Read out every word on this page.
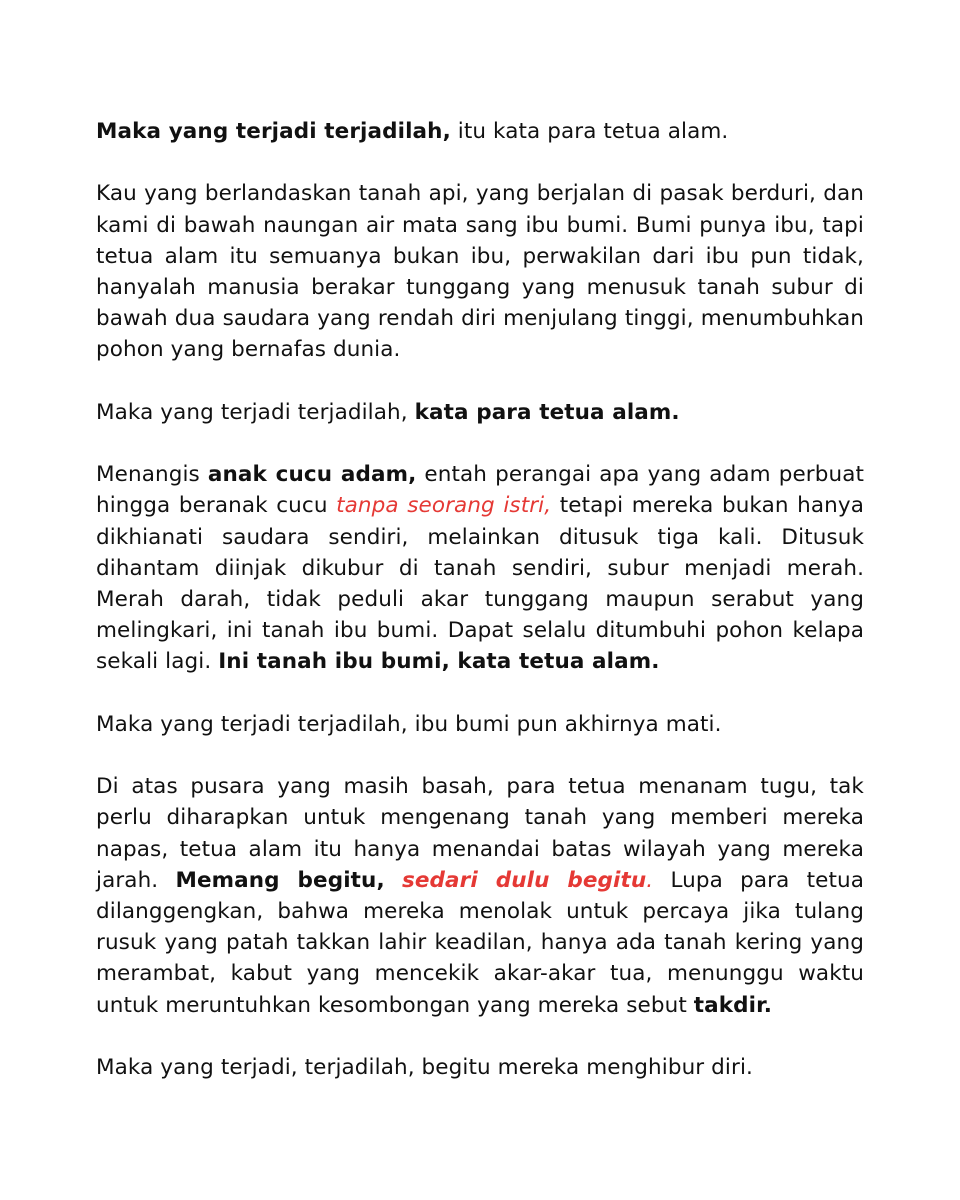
Maka yang terjadi terjadilah, itu kata para tetua alam.

Kau yang berlandaskan tanah api, yang berjalan di pasak berduri, dan kami di bawah naungan air mata sang ibu bumi. Bumi punya ibu, tapi tetua alam itu semuanya bukan ibu, perwakilan dari ibu pun tidak, hanyalah manusia berakar tunggang yang menusuk tanah subur di bawah dua saudara yang rendah diri menjulang tinggi, menumbuhkan pohon yang bernafas dunia.

Maka yang terjadi terjadilah, kata para tetua alam.

Menangis anak cucu adam, entah perangai apa yang adam perbuat hingga beranak cucu tanpa seorang istri, tetapi mereka bukan hanya dikhianati saudara sendiri, melainkan ditusuk tiga kali. Ditusuk dihantam diinjak dikubur di tanah sendiri, subur menjadi merah. Merah darah, tidak peduli akar tunggang maupun serabut yang melingkari, ini tanah ibu bumi. Dapat selalu ditumbuhi pohon kelapa sekali lagi. Ini tanah ibu bumi, kata tetua alam.

Maka yang terjadi terjadilah, ibu bumi pun akhirnya mati.

Di atas pusara yang masih basah, para tetua menanam tugu, tak perlu diharapkan untuk mengenang tanah yang memberi mereka napas, tetua alam itu hanya menandai batas wilayah yang mereka jarah. Memang begitu, sedari dulu begitu. Lupa para tetua dilanggengkan, bahwa mereka menolak untuk percaya jika tulang rusuk yang patah takkan lahir keadilan, hanya ada tanah kering yang merambat, kabut yang mencekik akar-akar tua, menunggu waktu untuk meruntuhkan kesombongan yang mereka sebut takdir.

Maka yang terjadi, terjadilah, begitu mereka menghibur diri.
